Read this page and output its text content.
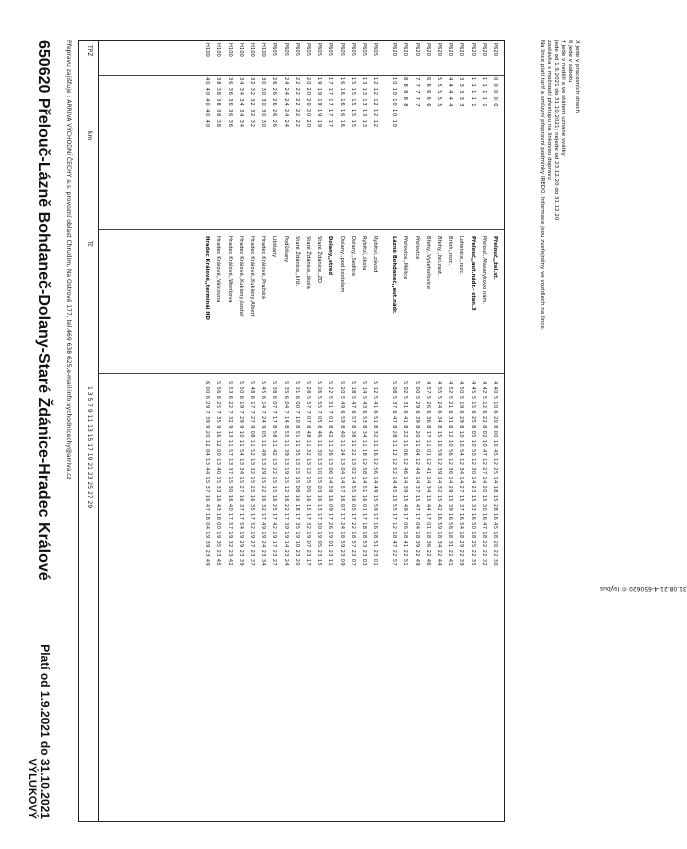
650620 Přelouč-Lázně Bohdaneč-Dolany-Staré Ždánice-Hradec Králové
Platí od 1.9.2021 do 31.10.2021
VÝLUKOVÝ
Přepravu zajišťuje : ARRIVA VÝCHODNÍ ČECHY a.s. provozní oblast Chrudim, Na Ostrově 177, tel.469 638 625,e-mail:info.vychodnicechy@arriva.cz	P620
0 0 0 0 0
Přelouč,,žel.st.
4 40 5 10 6 20 8 00 10 45 12 25 14 18 15 28 16 45 18 20 22 30
P620
1 1 1 1 1
Přelouč,,Masarykovo nám.
4 42 5 12 6 22 8 02 10 47 12 27 14 20 15 30 16 47 18 22 22 32
P620
1 1 1 1 1
Přelouč,,aut.nádr.- stan.3
4 45 5 15 6 25 8 05 10 50 12 30 14 23 15 33 16 50 18 25 22 35
P620
3 3 3 3 3
Lohenice,,rozc.
4 50 5 19 6 29 8 10 10 54 12 34 14 27 15 37 16 54 18 29 22 39
P620
4 4 4 4 4
Brloh,,rozc.
4 52 5 21 6 31 8 12 10 56 12 36 14 29 15 39 16 56 18 31 22 41
P620
5 5 5 5 5
Břehy,,žel.zast.
4 55 5 24 6 34 8 15 10 59 12 39 14 32 15 42 16 59 18 34 22 44
P620
6 6 6 6 6
Břehy,,Vyšehořovice
4 57 5 26 6 36 8 17 11 01 12 41 14 34 15 44 17 01 18 36 22 46
P620
7 7 7 7 7
Přelovice
5 00 5 29 6 39 8 20 11 04 12 44 14 37 15 47 17 04 18 39 22 49
P620
8 8 8 8 8
Přelovice,,Mělice
5 02 5 31 6 41 8 22 11 06 12 46 14 39 15 49 17 06 18 41 22 51
P620
10 10 10 10 10
Lázně Bohdaneč,,aut.nádr.
5 08 5 37 6 47 8 28 11 12 12 52 14 45 15 55 17 12 18 47 22 57
P605
12 12 12 12 12
Rybitví,,závod
5 12 5 41 6 51 8 32 11 16 12 56 14 49 15 59 17 16 18 51 23 01
P605
13 13 13 13 13
Rybitví,,škola
5 14 5 43 6 53 8 34 11 18 12 58 14 51 16 01 17 18 18 53 23 03
P605
15 15 15 15 15
Dolany,,Sedlice
5 18 5 47 6 57 8 38 11 22 13 02 14 55 16 05 17 22 18 57 23 07
P605
16 16 16 16 16
Dolany,,pod kostelem
5 20 5 49 6 59 8 40 11 24 13 04 14 57 16 07 17 24 18 59 23 09
P605
17 17 17 17 17
Dolany,,stred
5 22 5 51 7 01 8 42 11 26 13 06 14 59 16 09 17 26 19 01 23 11
P605
19 19 19 19 19
Staré Ždánice,,ZD
5 26 5 55 7 05 8 46 11 30 13 10 15 03 16 13 17 30 19 05 23 15
P605
20 20 20 20 20
Staré Ždánice,,škola
5 28 5 57 7 07 8 48 11 32 13 12 15 05 16 15 17 32 19 07 23 17
P605
22 22 22 22 22
Staré Ždánice,,křiž.
5 31 6 00 7 10 8 51 11 35 13 15 15 08 16 18 17 35 19 10 23 20
P605
24 24 24 24 24
Podůlšany
5 35 6 04 7 14 8 55 11 39 13 19 15 12 16 22 17 39 19 14 23 24
P605
26 26 26 26 26
Libišany
5 38 6 07 7 17 8 58 11 42 13 22 15 15 16 25 17 42 19 17 23 27
H100
30 30 30 30 30
Hradec Králové,,Pražská
5 45 6 14 7 24 9 05 11 49 13 29 15 22 16 32 17 49 19 24 23 34
H100
32 32 32 32 32
Hradec Králové,,Kukleny,Albert
5 48 6 17 7 27 9 08 11 52 13 32 15 25 16 35 17 52 19 27 23 37
H100
34 34 34 34 34
Hradec Králové,,Kukleny,kostel
5 50 6 19 7 29 9 10 11 54 13 34 15 27 16 37 17 54 19 29 23 39
H100
36 36 36 36 36
Hradec Králové,,Wonkova
5 53 6 22 7 32 9 13 11 57 13 37 15 30 16 40 17 57 19 32 23 42
H100
38 38 38 38 38
Hradec Králové,,Válcovna
5 56 6 25 7 35 9 16 12 00 13 40 15 33 16 43 18 00 19 35 23 45
H100
40 40 40 40 40
Hradec Králové,,terminál HD
6 00 6 29 7 39 9 20 12 04 13 44 15 37 16 47 18 04 19 39 23 49
TPZ
km
Tč
1 3 5 7 9 11 13 15 17 19 21 23 25 27 29
X jede v pracovních dnech
6 jede v sobotu
† jede v neděli a ve státem uznané svátky
jede od 1.9.2021 do 31.10.2021; nejede od 23.12.20 do 31.12.20
zastávka s možností přestupu na linkovou dopravu
Na lince platí tarif a smluvní přepravní podmínky IREDO. Informace jsou zveřejněny ve vozidlech na lince.
31.08.21-4-650620 © Isybus
